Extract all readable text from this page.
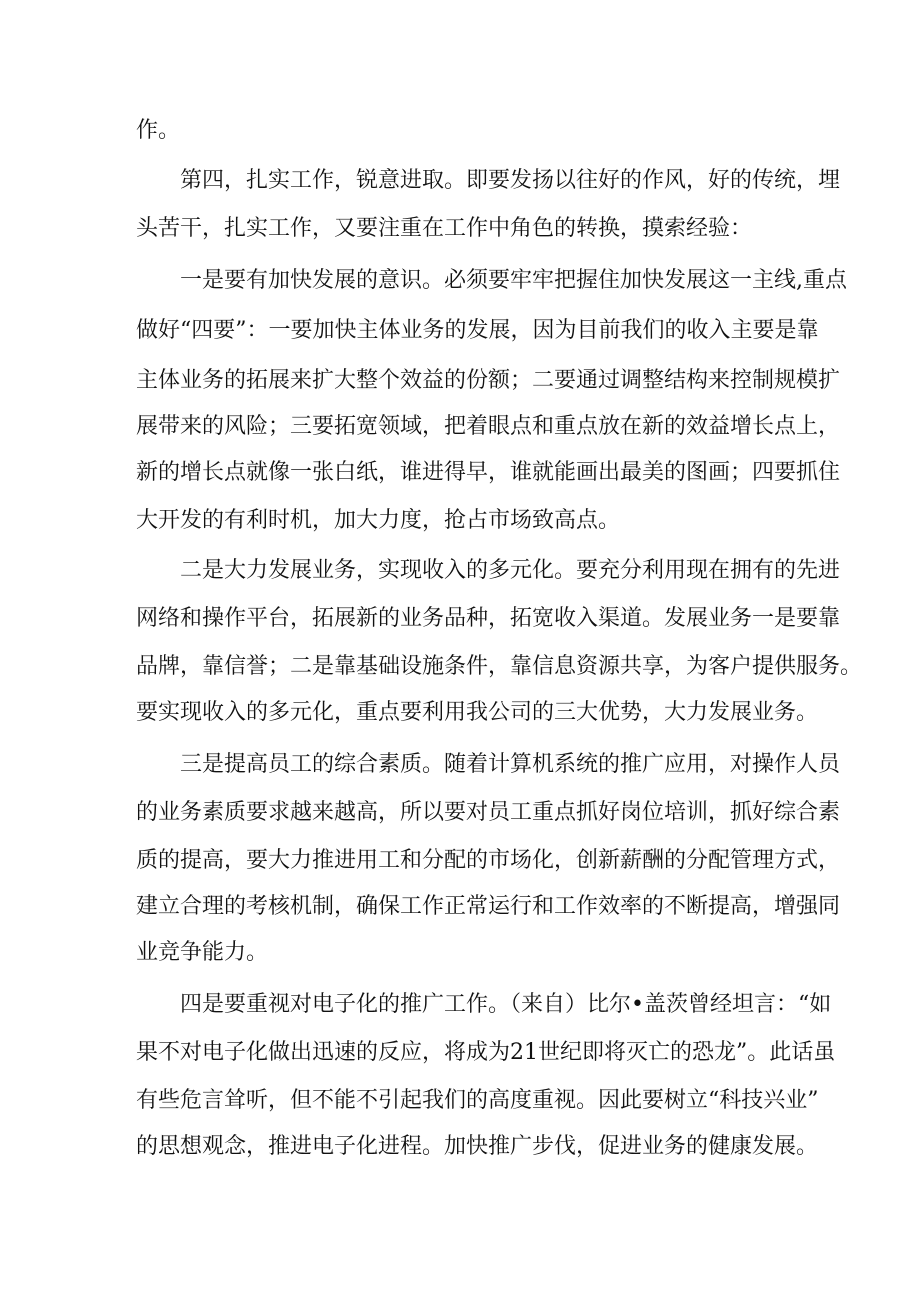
作。

第四，扎实工作，锐意进取。即要发扬以往好的作风，好的传统，埋

头苦干，扎实工作，又要注重在工作中角色的转换，摸索经验：

一是要有加快发展的意识。必须要牢牢把握住加快发展这一主线,重点

做好“四要”：一要加快主体业务的发展，因为目前我们的收入主要是靠

主体业务的拓展来扩大整个效益的份额；二要通过调整结构来控制规模扩

展带来的风险；三要拓宽领域，把着眼点和重点放在新的效益增长点上，

新的增长点就像一张白纸，谁进得早，谁就能画出最美的图画；四要抓住

大开发的有利时机，加大力度，抢占市场致高点。

二是大力发展业务，实现收入的多元化。要充分利用现在拥有的先进

网络和操作平台，拓展新的业务品种，拓宽收入渠道。发展业务一是要靠

品牌，靠信誉；二是靠基础设施条件，靠信息资源共享，为客户提供服务。

要实现收入的多元化，重点要利用我公司的三大优势，大力发展业务。

三是提高员工的综合素质。随着计算机系统的推广应用，对操作人员

的业务素质要求越来越高，所以要对员工重点抓好岗位培训，抓好综合素

质的提高，要大力推进用工和分配的市场化，创新薪酬的分配管理方式，

建立合理的考核机制，确保工作正常运行和工作效率的不断提高，增强同

业竞争能力。

四是要重视对电子化的推广工作。（来自）比尔•盖茨曾经坦言：“如

果不对电子化做出迅速的反应，将成为21世纪即将灭亡的恐龙”。此话虽

有些危言耸听，但不能不引起我们的高度重视。因此要树立“科技兴业”

的思想观念，推进电子化进程。加快推广步伐，促进业务的健康发展。
